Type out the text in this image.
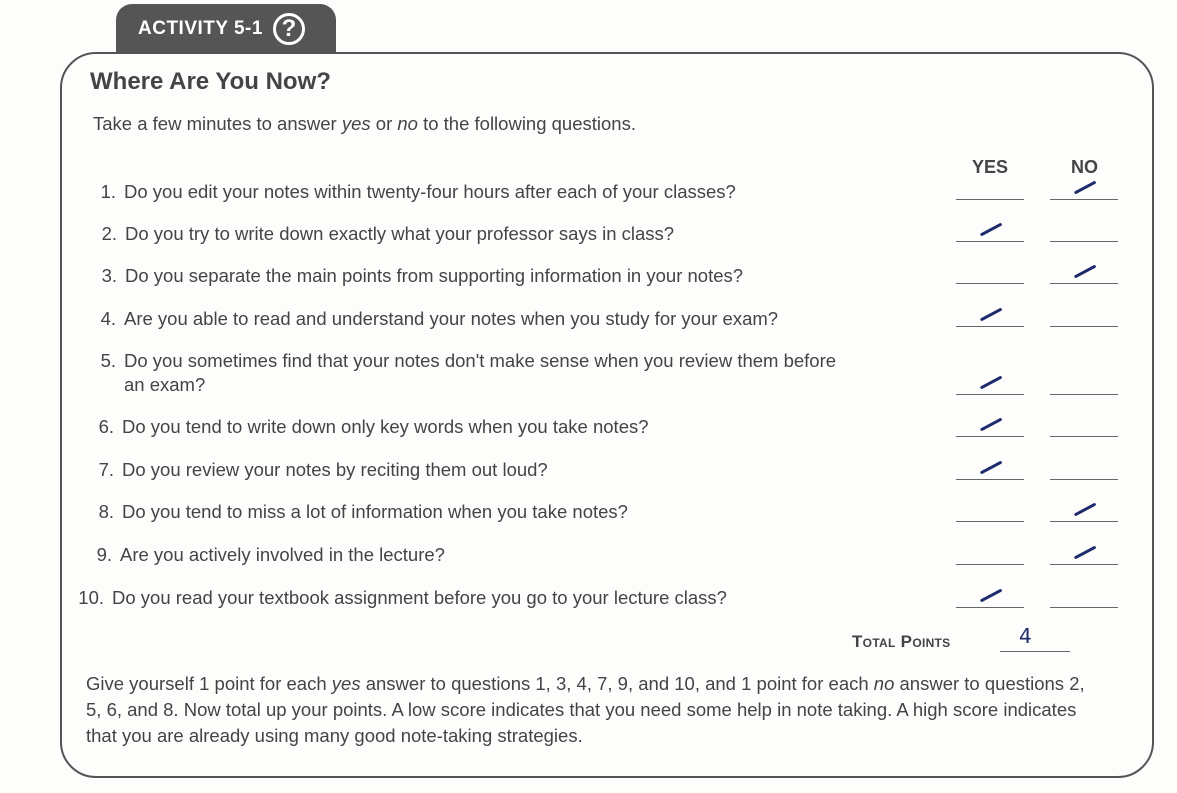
ACTIVITY 5-1 ?
Where Are You Now?
Take a few minutes to answer yes or no to the following questions.
YES	NO
1. Do you edit your notes within twenty-four hours after each of your classes?
2. Do you try to write down exactly what your professor says in class?
3. Do you separate the main points from supporting information in your notes?
4. Are you able to read and understand your notes when you study for your exam?
5. Do you sometimes find that your notes don't make sense when you review them before an exam?
6. Do you tend to write down only key words when you take notes?
7. Do you review your notes by reciting them out loud?
8. Do you tend to miss a lot of information when you take notes?
9. Are you actively involved in the lecture?
10. Do you read your textbook assignment before you go to your lecture class?
Total Points	4
Give yourself 1 point for each yes answer to questions 1, 3, 4, 7, 9, and 10, and 1 point for each no answer to questions 2, 5, 6, and 8. Now total up your points. A low score indicates that you need some help in note taking. A high score indicates that you are already using many good note-taking strategies.
